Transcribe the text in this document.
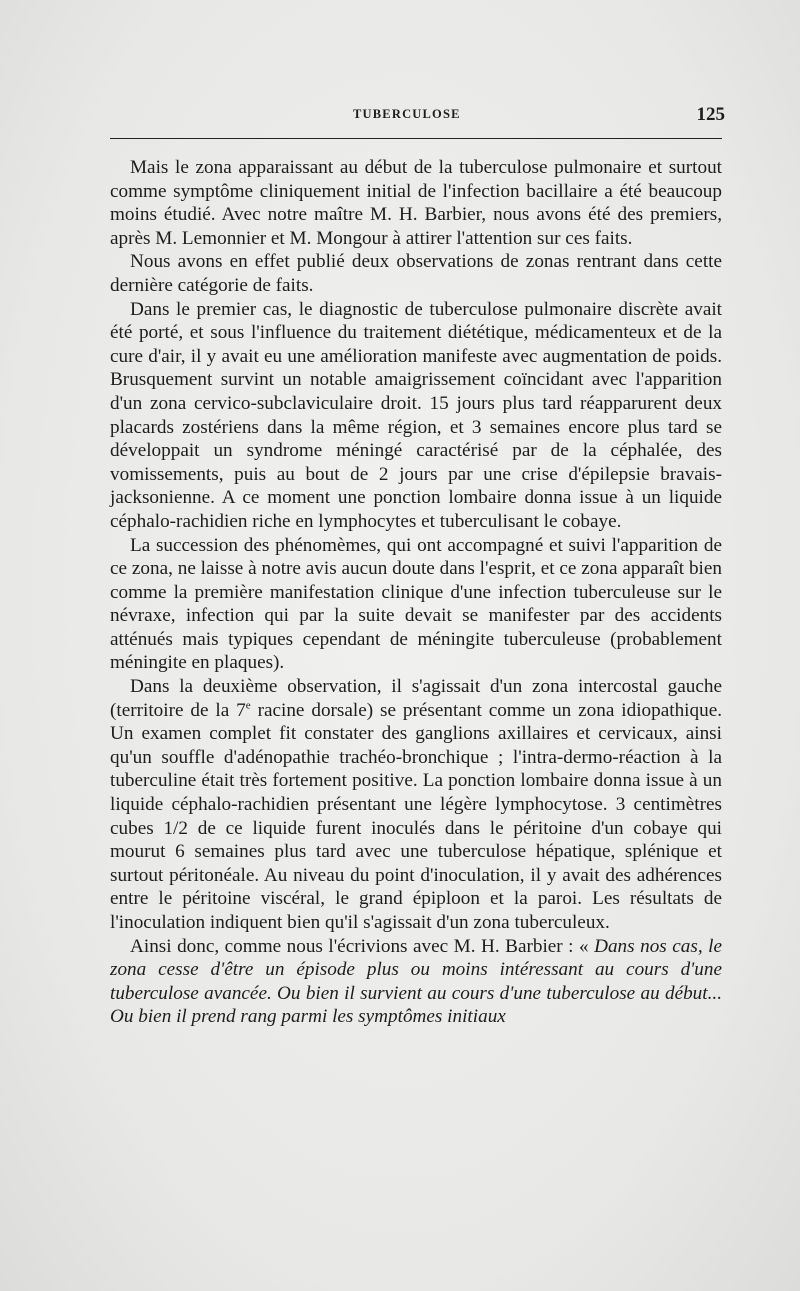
TUBERCULOSE	125

Mais le zona apparaissant au début de la tuberculose pulmonaire et surtout comme symptôme cliniquement initial de l'infection bacillaire a été beaucoup moins étudié. Avec notre maître M. H. Barbier, nous avons été des premiers, après M. Lemonnier et M. Mongour à attirer l'attention sur ces faits.

Nous avons en effet publié deux observations de zonas rentrant dans cette dernière catégorie de faits.

Dans le premier cas, le diagnostic de tuberculose pulmonaire discrète avait été porté, et sous l'influence du traitement diététique, médicamenteux et de la cure d'air, il y avait eu une amélioration manifeste avec augmentation de poids. Brusquement survint un notable amaigrissement coïncidant avec l'apparition d'un zona cervico-subclaviculaire droit. 15 jours plus tard réapparurent deux placards zostériens dans la même région, et 3 semaines encore plus tard se développait un syndrome méningé caractérisé par de la céphalée, des vomissements, puis au bout de 2 jours par une crise d'épilepsie bravais-jacksonienne. A ce moment une ponction lombaire donna issue à un liquide céphalo-rachidien riche en lymphocytes et tuberculisant le cobaye.

La succession des phénomèmes, qui ont accompagné et suivi l'apparition de ce zona, ne laisse à notre avis aucun doute dans l'esprit, et ce zona apparaît bien comme la première manifestation clinique d'une infection tuberculeuse sur le névraxe, infection qui par la suite devait se manifester par des accidents atténués mais typiques cependant de méningite tuberculeuse (probablement méningite en plaques).

Dans la deuxième observation, il s'agissait d'un zona intercostal gauche (territoire de la 7e racine dorsale) se présentant comme un zona idiopathique. Un examen complet fit constater des ganglions axillaires et cervicaux, ainsi qu'un souffle d'adénopathie trachéo-bronchique ; l'intra-dermo-réaction à la tuberculine était très fortement positive. La ponction lombaire donna issue à un liquide céphalo-rachidien présentant une légère lymphocytose. 3 centimètres cubes 1/2 de ce liquide furent inoculés dans le péritoine d'un cobaye qui mourut 6 semaines plus tard avec une tuberculose hépatique, splénique et surtout péritonéale. Au niveau du point d'inoculation, il y avait des adhérences entre le péritoine viscéral, le grand épiploon et la paroi. Les résultats de l'inoculation indiquent bien qu'il s'agissait d'un zona tuberculeux.

Ainsi donc, comme nous l'écrivions avec M. H. Barbier : « Dans nos cas, le zona cesse d'être un épisode plus ou moins intéressant au cours d'une tuberculose avancée. Ou bien il survient au cours d'une tuberculose au début... Ou bien il prend rang parmi les symptômes initiaux
